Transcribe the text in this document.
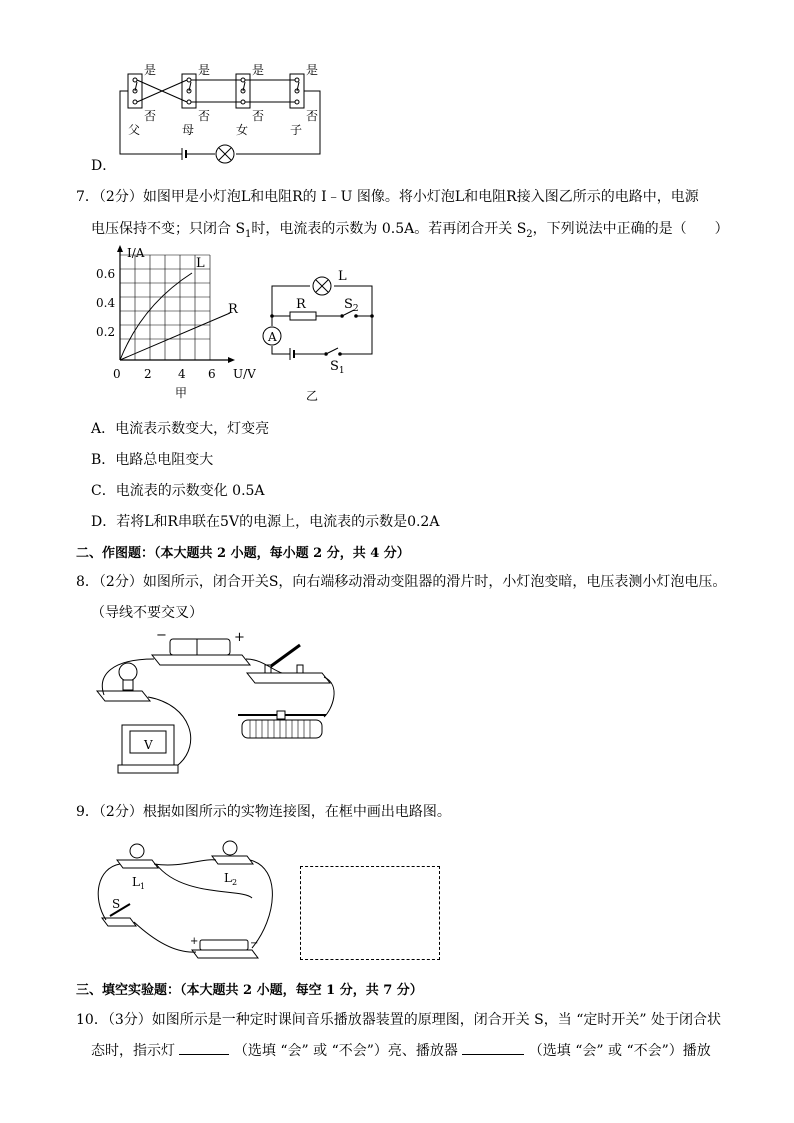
是
否
父
是
否
母
是
否
女
是
否
子
D．
7．（2分）如图甲是小灯泡L和电阻R的 I﹣U 图像。将小灯泡L和电阻R接入图乙所示的电路中，电源
电压保持不变；只闭合 $S_1$时，电流表的示数为 0.5A。若再闭合开关 $S_2$，下列说法中正确的是（　　）
I/A
U/V
0.6
0.4
0.2
0 2 4 6
L
R
甲
L
R	$S_2$
A
$S_1$
乙
A．电流表示数变大，灯变亮
B．电路总电阻变大
C．电流表的示数变化 0.5A
D．若将L和R串联在5V的电源上，电流表的示数是0.2A
二、作图题：（本大题共 2 小题，每小题 2 分，共 4 分）
8．（2分）如图所示，闭合开关S，向右端移动滑动变阻器的滑片时，小灯泡变暗，电压表测小灯泡电压。
（导线不要交叉）
−	+
V
9．（2分）根据如图所示的实物连接图，在框中画出电路图。
$L_1$
$L_2$
S
+	−
三、填空实验题：（本大题共 2 小题，每空 1 分，共 7 分）
10．（3分）如图所示是一种定时课间音乐播放器装置的原理图，闭合开关 S，当 “定时开关” 处于闭合状
态时，指示灯	（选填 “会” 或 “不会”）亮、播放器	（选填 “会” 或 “不会”）播放
